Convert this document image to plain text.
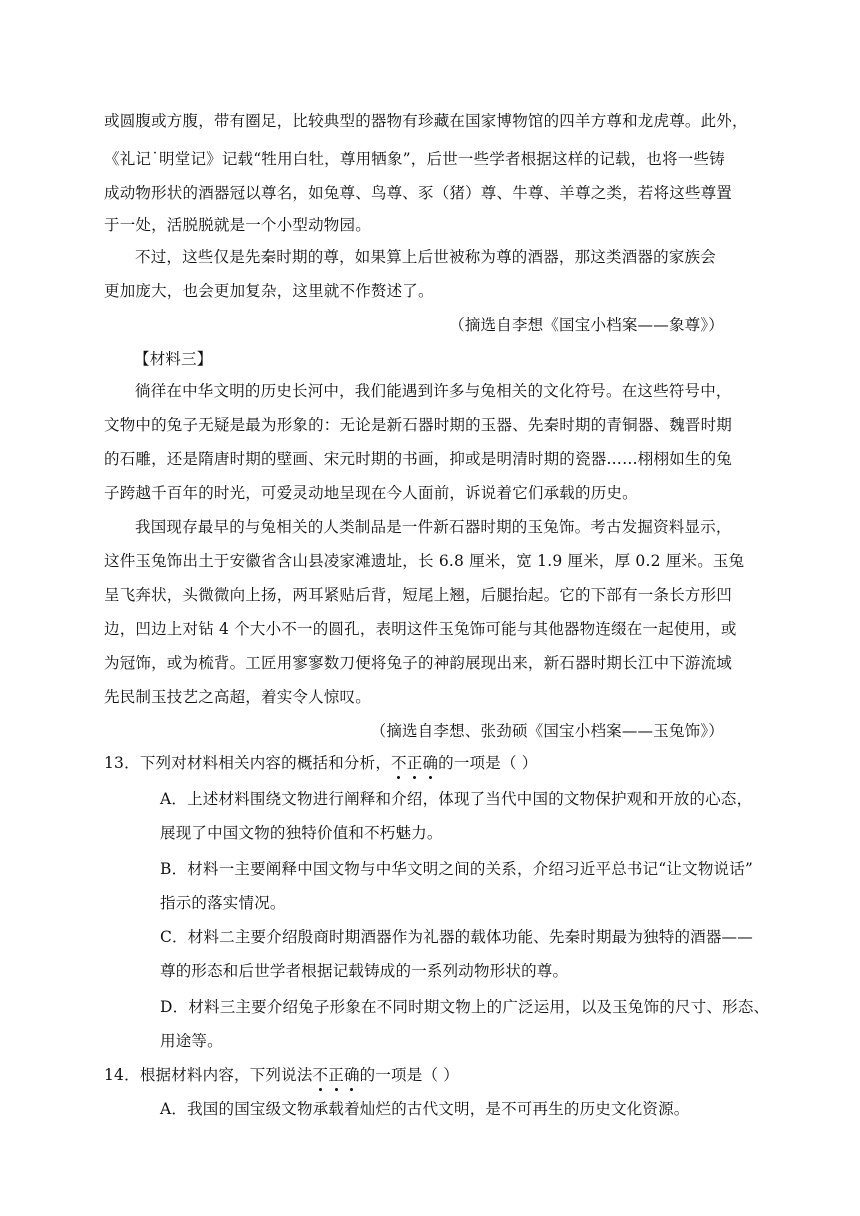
或圆腹或方腹，带有圈足，比较典型的器物有珍藏在国家博物馆的四羊方尊和龙虎尊。此外，
《礼记˙明堂记》记载“牲用白牡，尊用牺象”，后世一些学者根据这样的记载，也将一些铸
成动物形状的酒器冠以尊名，如兔尊、鸟尊、豕（猪）尊、牛尊、羊尊之类，若将这些尊置
于一处，活脱脱就是一个小型动物园。
不过，这些仅是先秦时期的尊，如果算上后世被称为尊的酒器，那这类酒器的家族会
更加庞大，也会更加复杂，这里就不作赘述了。
（摘选自李想《国宝小档案——象尊》）
【材料三】
徜徉在中华文明的历史长河中，我们能遇到许多与兔相关的文化符号。在这些符号中，
文物中的兔子无疑是最为形象的：无论是新石器时期的玉器、先秦时期的青铜器、魏晋时期
的石雕，还是隋唐时期的壁画、宋元时期的书画，抑或是明清时期的瓷器……栩栩如生的兔
子跨越千百年的时光，可爱灵动地呈现在今人面前，诉说着它们承载的历史。
我国现存最早的与兔相关的人类制品是一件新石器时期的玉兔饰。考古发掘资料显示，
这件玉兔饰出土于安徽省含山县凌家滩遗址，长 6.8 厘米，宽 1.9 厘米，厚 0.2 厘米。玉兔
呈飞奔状，头微微向上扬，两耳紧贴后背，短尾上翘，后腿抬起。它的下部有一条长方形凹
边，凹边上对钻 4 个大小不一的圆孔，表明这件玉兔饰可能与其他器物连缀在一起使用，或
为冠饰，或为梳背。工匠用寥寥数刀便将兔子的神韵展现出来，新石器时期长江中下游流域
先民制玉技艺之高超，着实令人惊叹。
（摘选自李想、张劲硕《国宝小档案——玉兔饰》）
13．下列对材料相关内容的概括和分析，不正确的一项是（ ）
A．上述材料围绕文物进行阐释和介绍，体现了当代中国的文物保护观和开放的心态，
展现了中国文物的独特价值和不朽魅力。
B．材料一主要阐释中国文物与中华文明之间的关系，介绍习近平总书记“让文物说话”
指示的落实情况。
C．材料二主要介绍殷商时期酒器作为礼器的载体功能、先秦时期最为独特的酒器——
尊的形态和后世学者根据记载铸成的一系列动物形状的尊。
D．材料三主要介绍兔子形象在不同时期文物上的广泛运用，以及玉兔饰的尺寸、形态、
用途等。
14．根据材料内容，下列说法不正确的一项是（ ）
A．我国的国宝级文物承载着灿烂的古代文明，是不可再生的历史文化资源。
